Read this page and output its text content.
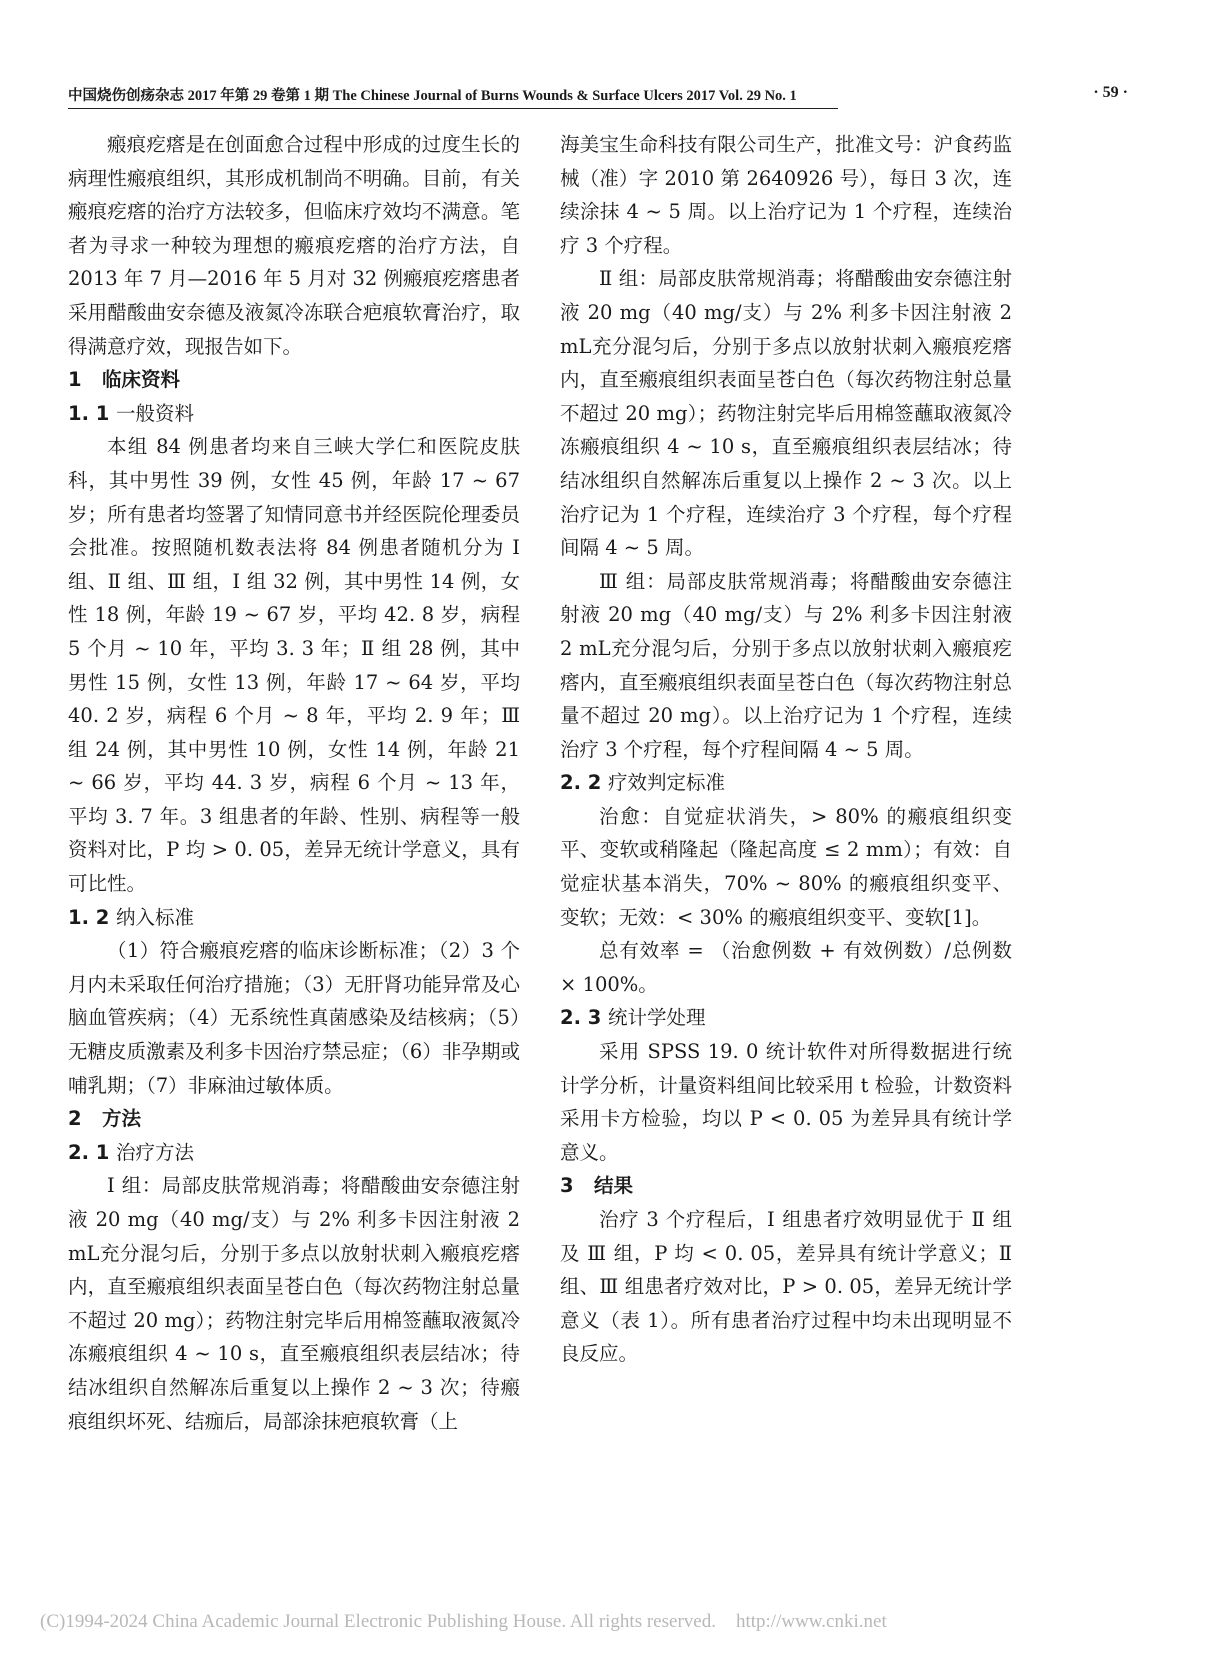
中国烧伤创疡杂志 2017 年第 29 卷第 1 期 The Chinese Journal of Burns Wounds & Surface Ulcers 2017 Vol. 29 No. 1	· 59 ·

瘢痕疙瘩是在创面愈合过程中形成的过度生长的病理性瘢痕组织，其形成机制尚不明确。目前，有关瘢痕疙瘩的治疗方法较多，但临床疗效均不满意。笔者为寻求一种较为理想的瘢痕疙瘩的治疗方法，自 2013 年 7 月—2016 年 5 月对 32 例瘢痕疙瘩患者采用醋酸曲安奈德及液氮冷冻联合疤痕软膏治疗，取得满意疗效，现报告如下。

1 临床资料
1. 1 一般资料

本组 84 例患者均来自三峡大学仁和医院皮肤科，其中男性 39 例，女性 45 例，年龄 17 ~ 67 岁；所有患者均签署了知情同意书并经医院伦理委员会批准。按照随机数表法将 84 例患者随机分为 Ⅰ 组、Ⅱ 组、Ⅲ 组，Ⅰ 组 32 例，其中男性 14 例，女性 18 例，年龄 19 ~ 67 岁，平均 42. 8 岁，病程 5 个月 ~ 10 年，平均 3. 3 年；Ⅱ 组 28 例，其中男性 15 例，女性 13 例，年龄 17 ~ 64 岁，平均 40. 2 岁，病程 6 个月 ~ 8 年，平均 2. 9 年；Ⅲ 组 24 例，其中男性 10 例，女性 14 例，年龄 21 ~ 66 岁，平均 44. 3 岁，病程 6 个月 ~ 13 年，平均 3. 7 年。3 组患者的年龄、性别、病程等一般资料对比，P 均 > 0. 05，差异无统计学意义，具有可比性。

1. 2 纳入标准

（1）符合瘢痕疙瘩的临床诊断标准；（2）3 个月内未采取任何治疗措施；（3）无肝肾功能异常及心脑血管疾病；（4）无系统性真菌感染及结核病；（5）无糖皮质激素及利多卡因治疗禁忌症；（6）非孕期或哺乳期；（7）非麻油过敏体质。

2 方法
2. 1 治疗方法

Ⅰ 组：局部皮肤常规消毒；将醋酸曲安奈德注射液 20 mg（40 mg/支）与 2% 利多卡因注射液 2 mL充分混匀后，分别于多点以放射状刺入瘢痕疙瘩内，直至瘢痕组织表面呈苍白色（每次药物注射总量不超过 20 mg）；药物注射完毕后用棉签蘸取液氮冷冻瘢痕组织 4 ~ 10 s，直至瘢痕组织表层结冰；待结冰组织自然解冻后重复以上操作 2 ~ 3 次；待瘢痕组织坏死、结痂后，局部涂抹疤痕软膏（上

海美宝生命科技有限公司生产，批准文号：沪食药监械（准）字 2010 第 2640926 号），每日 3 次，连续涂抹 4 ~ 5 周。以上治疗记为 1 个疗程，连续治疗 3 个疗程。

Ⅱ 组：局部皮肤常规消毒；将醋酸曲安奈德注射液 20 mg（40 mg/支）与 2% 利多卡因注射液 2 mL充分混匀后，分别于多点以放射状刺入瘢痕疙瘩内，直至瘢痕组织表面呈苍白色（每次药物注射总量不超过 20 mg）；药物注射完毕后用棉签蘸取液氮冷冻瘢痕组织 4 ~ 10 s，直至瘢痕组织表层结冰；待结冰组织自然解冻后重复以上操作 2 ~ 3 次。以上治疗记为 1 个疗程，连续治疗 3 个疗程，每个疗程间隔 4 ~ 5 周。

Ⅲ 组：局部皮肤常规消毒；将醋酸曲安奈德注射液 20 mg（40 mg/支）与 2% 利多卡因注射液 2 mL充分混匀后，分别于多点以放射状刺入瘢痕疙瘩内，直至瘢痕组织表面呈苍白色（每次药物注射总量不超过 20 mg）。以上治疗记为 1 个疗程，连续治疗 3 个疗程，每个疗程间隔 4 ~ 5 周。

2. 2 疗效判定标准

治愈：自觉症状消失，> 80% 的瘢痕组织变平、变软或稍隆起（隆起高度 ≤ 2 mm）；有效：自觉症状基本消失，70% ~ 80% 的瘢痕组织变平、变软；无效：< 30% 的瘢痕组织变平、变软[1]。

总有效率 = （治愈例数 + 有效例数）/总例数 × 100%。

2. 3 统计学处理

采用 SPSS 19. 0 统计软件对所得数据进行统计学分析，计量资料组间比较采用 t 检验，计数资料采用卡方检验，均以 P < 0. 05 为差异具有统计学意义。

3 结果

治疗 3 个疗程后，Ⅰ 组患者疗效明显优于 Ⅱ 组及 Ⅲ 组，P 均 < 0. 05，差异具有统计学意义；Ⅱ 组、Ⅲ 组患者疗效对比，P > 0. 05，差异无统计学意义（表 1）。所有患者治疗过程中均未出现明显不良反应。

(C)1994-2024 China Academic Journal Electronic Publishing House. All rights reserved. http://www.cnki.net
